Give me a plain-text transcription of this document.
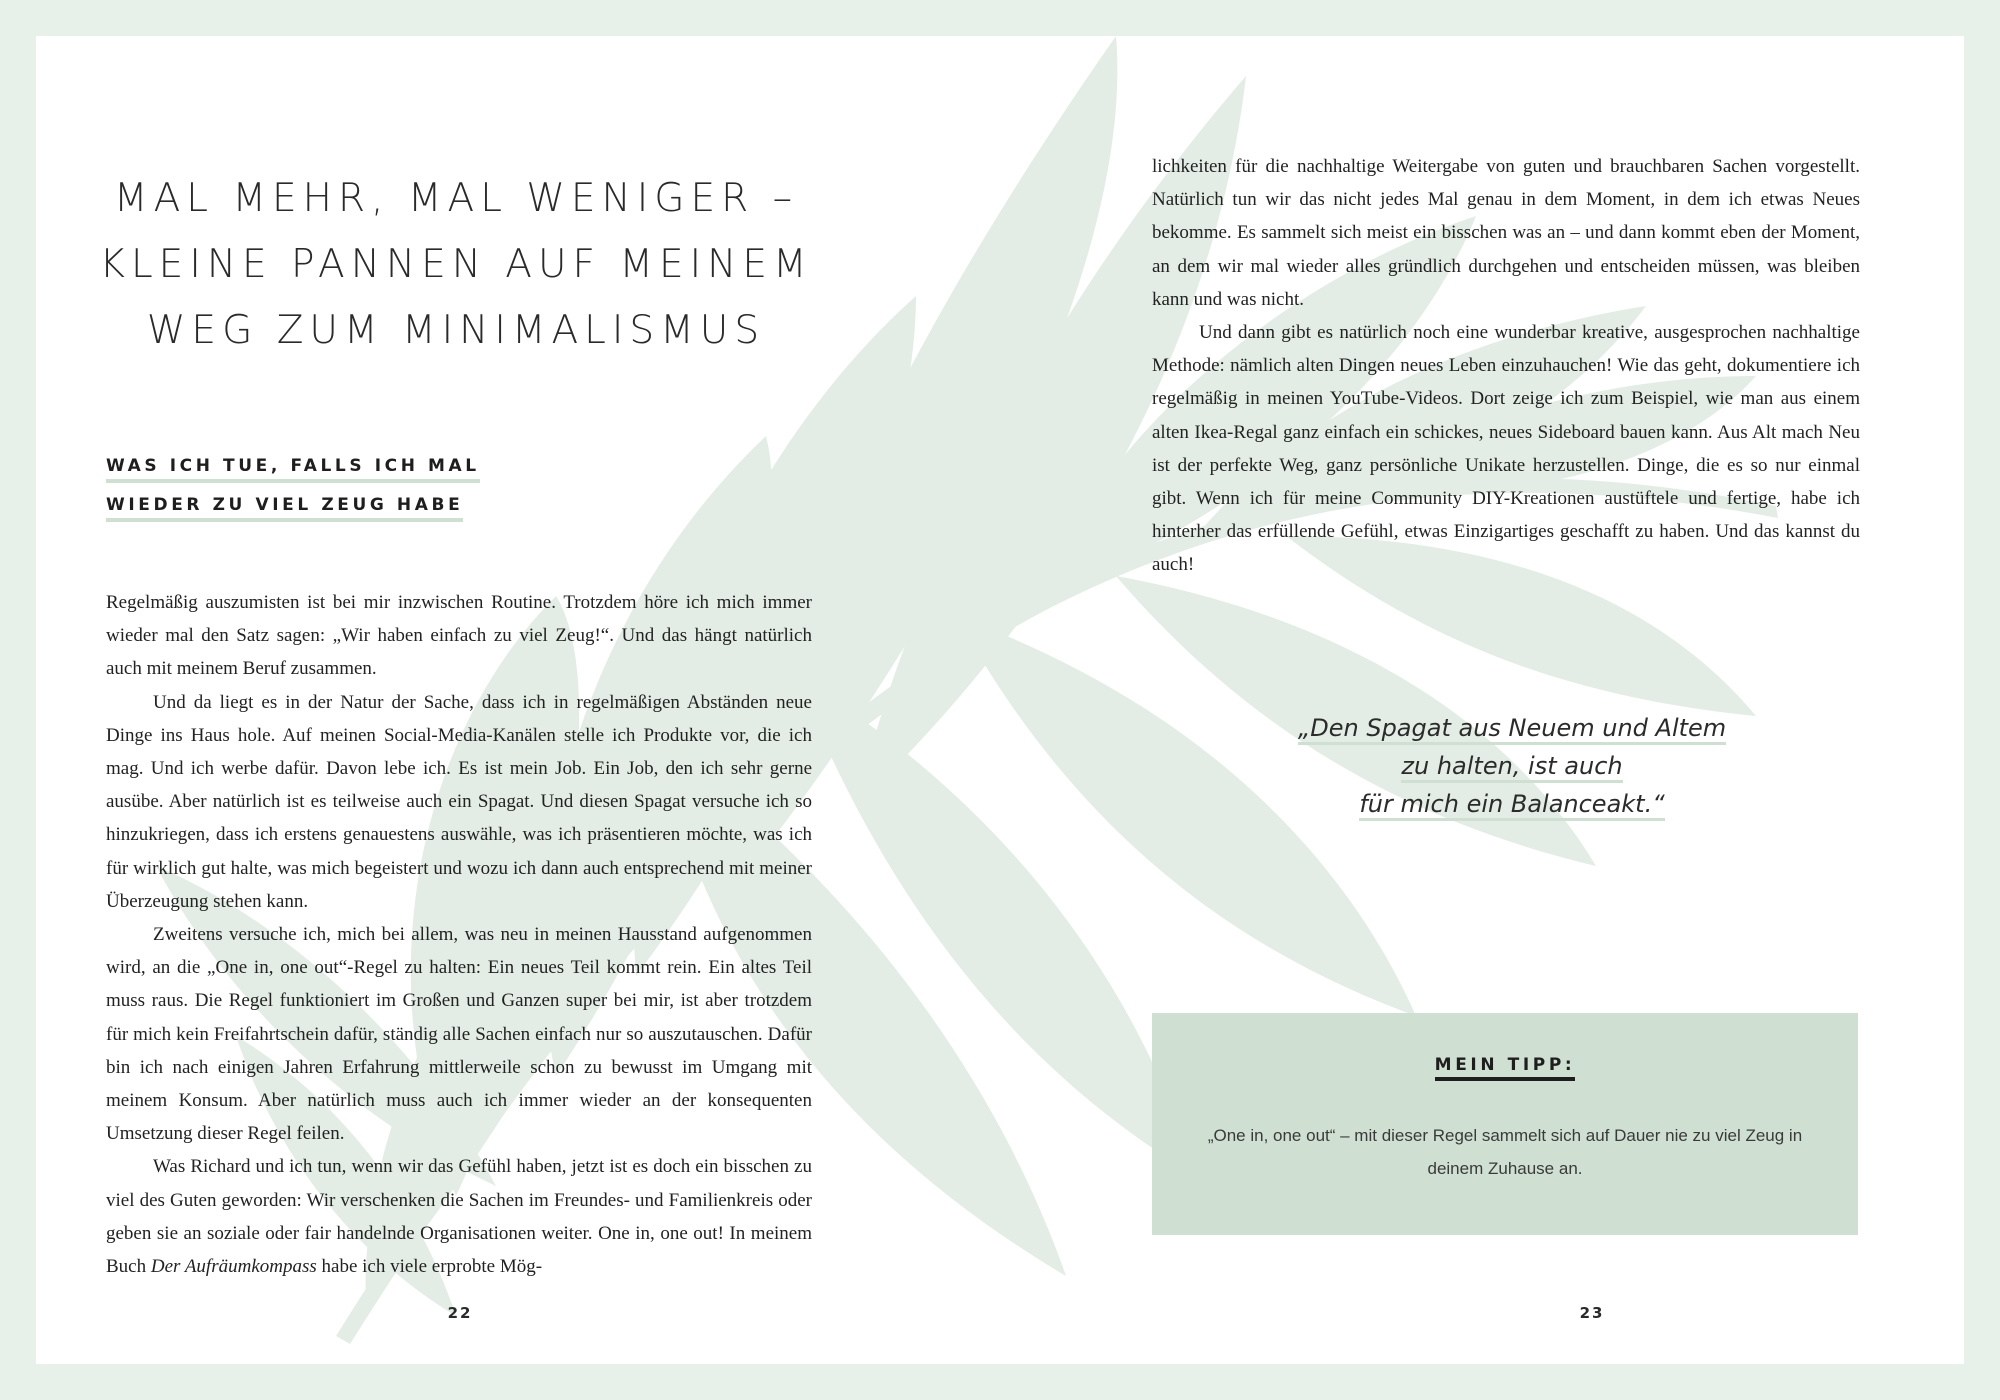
MAL MEHR, MAL WENIGER –
KLEINE PANNEN AUF MEINEM
WEG ZUM MINIMALISMUS
WAS ICH TUE, FALLS ICH MAL
WIEDER ZU VIEL ZEUG HABE

Regelmäßig auszumisten ist bei mir inzwischen Routine. Trotzdem höre ich mich immer wieder mal den Satz sagen: „Wir haben einfach zu viel Zeug!“. Und das hängt natürlich auch mit meinem Beruf zusammen.

Und da liegt es in der Natur der Sache, dass ich in regelmäßigen Abständen neue Dinge ins Haus hole. Auf meinen Social-Media-Kanälen stelle ich Produkte vor, die ich mag. Und ich werbe dafür. Davon lebe ich. Es ist mein Job. Ein Job, den ich sehr gerne ausübe. Aber natürlich ist es teilweise auch ein Spagat. Und diesen Spagat versuche ich so hinzukriegen, dass ich erstens genauestens auswähle, was ich präsentieren möchte, was ich für wirklich gut halte, was mich begeistert und wozu ich dann auch entsprechend mit meiner Überzeugung stehen kann.

Zweitens versuche ich, mich bei allem, was neu in meinen Hausstand aufgenommen wird, an die „One in, one out“-Regel zu halten: Ein neues Teil kommt rein. Ein altes Teil muss raus. Die Regel funktioniert im Großen und Ganzen super bei mir, ist aber trotzdem für mich kein Freifahrtschein dafür, ständig alle Sachen einfach nur so auszutauschen. Dafür bin ich nach einigen Jahren Erfahrung mittlerweile schon zu bewusst im Umgang mit meinem Konsum. Aber natürlich muss auch ich immer wieder an der konsequenten Umsetzung dieser Regel feilen.

Was Richard und ich tun, wenn wir das Gefühl haben, jetzt ist es doch ein bisschen zu viel des Guten geworden: Wir verschenken die Sachen im Freundes- und Familienkreis oder geben sie an soziale oder fair handelnde Organisationen weiter. One in, one out! In meinem Buch Der Aufräumkompass habe ich viele erprobte Mög-

22

lichkeiten für die nachhaltige Weitergabe von guten und brauchbaren Sachen vorgestellt. Natürlich tun wir das nicht jedes Mal genau in dem Moment, in dem ich etwas Neues bekomme. Es sammelt sich meist ein bisschen was an – und dann kommt eben der Moment, an dem wir mal wieder alles gründlich durchgehen und entscheiden müssen, was bleiben kann und was nicht.

Und dann gibt es natürlich noch eine wunderbar kreative, ausgesprochen nachhaltige Methode: nämlich alten Dingen neues Leben einzuhauchen! Wie das geht, dokumentiere ich regelmäßig in meinen YouTube-Videos. Dort zeige ich zum Beispiel, wie man aus einem alten Ikea-Regal ganz einfach ein schickes, neues Sideboard bauen kann. Aus Alt mach Neu ist der perfekte Weg, ganz persönliche Unikate herzustellen. Dinge, die es so nur einmal gibt. Wenn ich für meine Community DIY-Kreationen austüftele und fertige, habe ich hinterher das erfüllende Gefühl, etwas Einzigartiges geschafft zu haben. Und das kannst du auch!

„Den Spagat aus Neuem und Altem
zu halten, ist auch
für mich ein Balanceakt.“
MEIN TIPP:
„One in, one out“ – mit dieser Regel sammelt sich auf Dauer nie zu viel Zeug in deinem Zuhause an.
23
